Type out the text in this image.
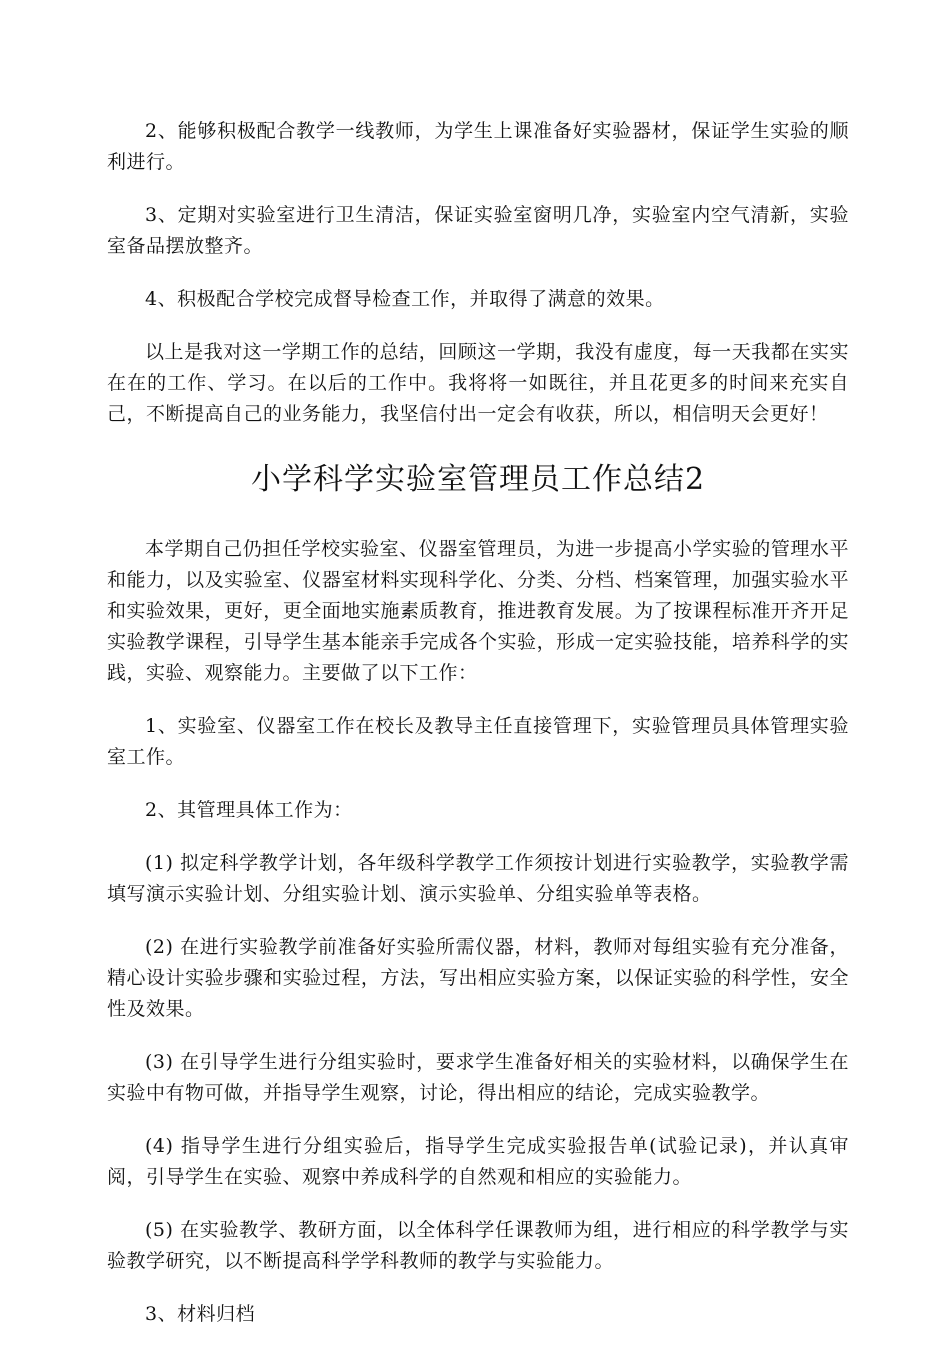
2、能够积极配合教学一线教师，为学生上课准备好实验器材，保证学生实验的顺利进行。

3、定期对实验室进行卫生清洁，保证实验室窗明几净，实验室内空气清新，实验室备品摆放整齐。

4、积极配合学校完成督导检查工作，并取得了满意的效果。

以上是我对这一学期工作的总结，回顾这一学期，我没有虚度，每一天我都在实实在在的工作、学习。在以后的工作中。我将将一如既往，并且花更多的时间来充实自己，不断提高自己的业务能力，我坚信付出一定会有收获，所以，相信明天会更好！

小学科学实验室管理员工作总结2

本学期自己仍担任学校实验室、仪器室管理员，为进一步提高小学实验的管理水平和能力，以及实验室、仪器室材料实现科学化、分类、分档、档案管理，加强实验水平和实验效果，更好，更全面地实施素质教育，推进教育发展。为了按课程标准开齐开足实验教学课程，引导学生基本能亲手完成各个实验，形成一定实验技能，培养科学的实践，实验、观察能力。主要做了以下工作：

1、实验室、仪器室工作在校长及教导主任直接管理下，实验管理员具体管理实验室工作。

2、其管理具体工作为：

(1) 拟定科学教学计划，各年级科学教学工作须按计划进行实验教学，实验教学需填写演示实验计划、分组实验计划、演示实验单、分组实验单等表格。

(2) 在进行实验教学前准备好实验所需仪器，材料，教师对每组实验有充分准备，精心设计实验步骤和实验过程，方法，写出相应实验方案，以保证实验的科学性，安全性及效果。

(3) 在引导学生进行分组实验时，要求学生准备好相关的实验材料，以确保学生在实验中有物可做，并指导学生观察，讨论，得出相应的结论，完成实验教学。

(4) 指导学生进行分组实验后，指导学生完成实验报告单(试验记录)，并认真审阅，引导学生在实验、观察中养成科学的自然观和相应的实验能力。

(5) 在实验教学、教研方面，以全体科学任课教师为组，进行相应的科学教学与实验教学研究，以不断提高科学学科教师的教学与实验能力。

3、材料归档
